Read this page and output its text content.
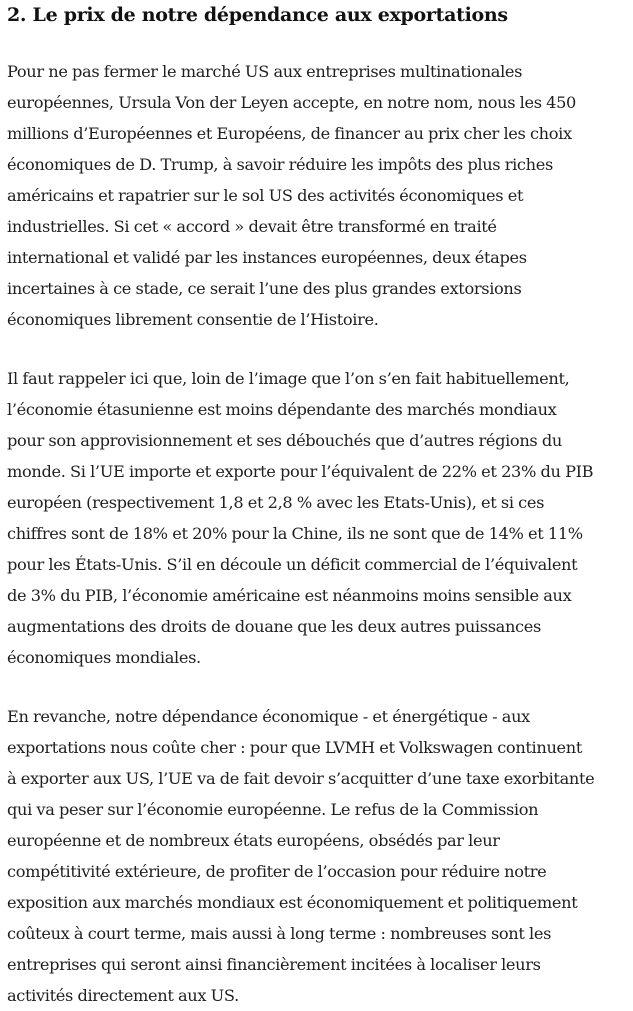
2. Le prix de notre dépendance aux exportations

Pour ne pas fermer le marché US aux entreprises multinationales
européennes, Ursula Von der Leyen accepte, en notre nom, nous les 450
millions d’Européennes et Européens, de financer au prix cher les choix
économiques de D. Trump, à savoir réduire les impôts des plus riches
américains et rapatrier sur le sol US des activités économiques et
industrielles. Si cet « accord » devait être transformé en traité
international et validé par les instances européennes, deux étapes
incertaines à ce stade, ce serait l’une des plus grandes extorsions
économiques librement consentie de l’Histoire.

Il faut rappeler ici que, loin de l’image que l’on s’en fait habituellement,
l’économie étasunienne est moins dépendante des marchés mondiaux
pour son approvisionnement et ses débouchés que d’autres régions du
monde. Si l’UE importe et exporte pour l’équivalent de 22% et 23% du PIB
européen (respectivement 1,8 et 2,8 % avec les Etats-Unis), et si ces
chiffres sont de 18% et 20% pour la Chine, ils ne sont que de 14% et 11%
pour les États-Unis. S’il en découle un déficit commercial de l’équivalent
de 3% du PIB, l’économie américaine est néanmoins moins sensible aux
augmentations des droits de douane que les deux autres puissances
économiques mondiales.

En revanche, notre dépendance économique - et énergétique - aux
exportations nous coûte cher : pour que LVMH et Volkswagen continuent
à exporter aux US, l’UE va de fait devoir s’acquitter d’une taxe exorbitante
qui va peser sur l’économie européenne. Le refus de la Commission
européenne et de nombreux états européens, obsédés par leur
compétitivité extérieure, de profiter de l’occasion pour réduire notre
exposition aux marchés mondiaux est économiquement et politiquement
coûteux à court terme, mais aussi à long terme : nombreuses sont les
entreprises qui seront ainsi financièrement incitées à localiser leurs
activités directement aux US.
